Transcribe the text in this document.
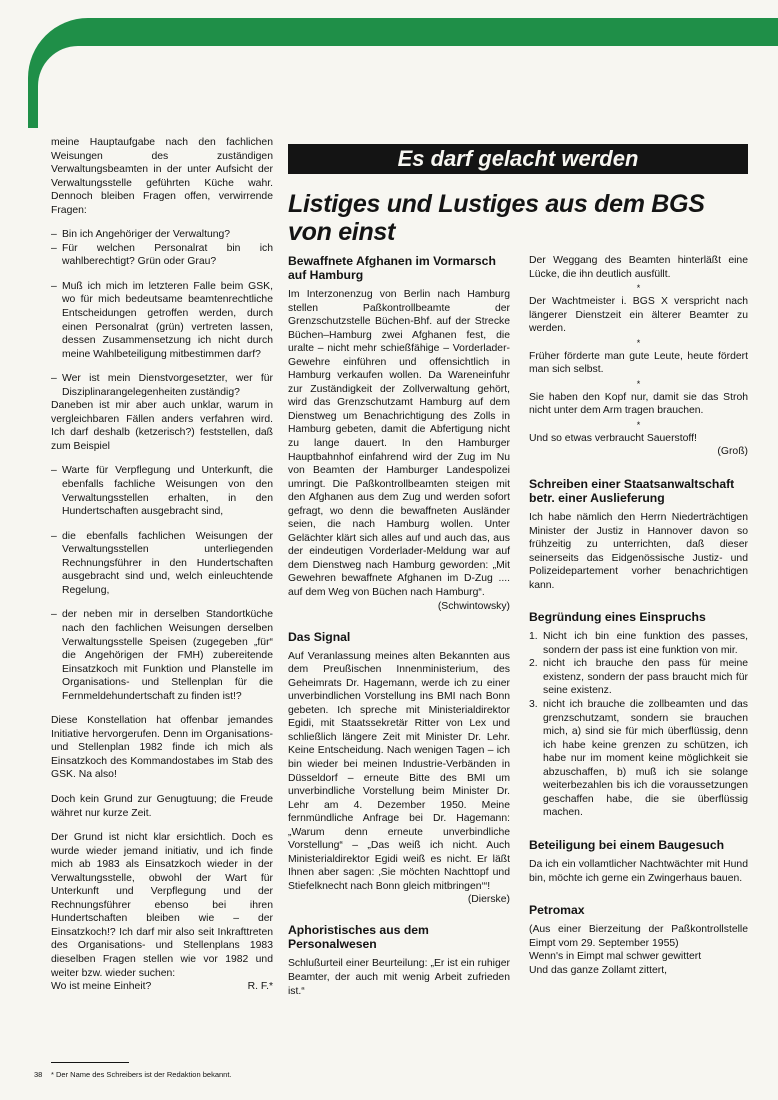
meine Hauptaufgabe nach den fachlichen Weisungen des zuständigen Verwaltungsbeamten in der unter Aufsicht der Verwaltungsstelle geführten Küche wahr. Dennoch bleiben Fragen offen, verwirrende Fragen:

– Bin ich Angehöriger der Verwaltung?
– Für welchen Personalrat bin ich wahlberechtigt? Grün oder Grau?
– Muß ich mich im letzteren Falle beim GSK, wo für mich bedeutsame beamtenrechtliche Entscheidungen getroffen werden, durch einen Personalrat (grün) vertreten lassen, dessen Zusammensetzung ich nicht durch meine Wahlbeteiligung mitbestimmen darf?
– Wer ist mein Dienstvorgesetzter, wer für Disziplinarangelegenheiten zuständig?

Daneben ist mir aber auch unklar, warum in vergleichbaren Fällen anders verfahren wird. Ich darf deshalb (ketzerisch?) feststellen, daß zum Beispiel

– Warte für Verpflegung und Unterkunft, die ebenfalls fachliche Weisungen von den Verwaltungsstellen erhalten, in den Hundertschaften ausgebracht sind,
– die ebenfalls fachlichen Weisungen der Verwaltungsstellen unterliegenden Rechnungsführer in den Hundertschaften ausgebracht sind und, welch einleuchtende Regelung,
– der neben mir in derselben Standortküche nach den fachlichen Weisungen derselben Verwaltungsstelle Speisen (zugegeben „für“ die Angehörigen der FMH) zubereitende Einsatzkoch mit Funktion und Planstelle im Organisations- und Stellenplan für die Fernmeldehundertschaft zu finden ist!?

Diese Konstellation hat offenbar jemandes Initiative hervorgerufen. Denn im Organisations- und Stellenplan 1982 finde ich mich als Einsatzkoch des Kommandostabes im Stab des GSK. Na also!

Doch kein Grund zur Genugtuung; die Freude währet nur kurze Zeit.

Der Grund ist nicht klar ersichtlich. Doch es wurde wieder jemand initiativ, und ich finde mich ab 1983 als Einsatzkoch wieder in der Verwaltungsstelle, obwohl der Wart für Unterkunft und Verpflegung und der Rechnungsführer ebenso bei ihren Hundertschaften bleiben wie – der Einsatzkoch!? Ich darf mir also seit Inkrafttreten des Organisations- und Stellenplans 1983 dieselben Fragen stellen wie vor 1982 und weiter bzw. wieder suchen:

Wo ist meine Einheit?	R. F.*

Es darf gelacht werden
Listiges und Lustiges aus dem BGS von einst
Bewaffnete Afghanen im Vormarsch auf Hamburg

Im Interzonenzug von Berlin nach Hamburg stellen Paßkontrollbeamte der Grenzschutzstelle Büchen-Bhf. auf der Strecke Büchen–Hamburg zwei Afghanen fest, die uralte – nicht mehr schießfähige – Vorderlader-Gewehre einführen und offensichtlich in Hamburg verkaufen wollen. Da Wareneinfuhr zur Zuständigkeit der Zollverwaltung gehört, wird das Grenzschutzamt Hamburg auf dem Dienstweg um Benachrichtigung des Zolls in Hamburg gebeten, damit die Abfertigung nicht zu lange dauert. In den Hamburger Hauptbahnhof einfahrend wird der Zug im Nu von Beamten der Hamburger Landespolizei umringt. Die Paßkontrollbeamten steigen mit den Afghanen aus dem Zug und werden sofort gefragt, wo denn die bewaffneten Ausländer seien, die nach Hamburg wollen. Unter Gelächter klärt sich alles auf und auch das, aus der eindeutigen Vorderlader-Meldung war auf dem Dienstweg nach Hamburg geworden: „Mit Gewehren bewaffnete Afghanen im D-Zug .... auf dem Weg von Büchen nach Hamburg“.
(Schwintowsky)

Das Signal

Auf Veranlassung meines alten Bekannten aus dem Preußischen Innenministerium, des Geheimrats Dr. Hagemann, werde ich zu einer unverbindlichen Vorstellung ins BMI nach Bonn gebeten. Ich spreche mit Ministerialdirektor Egidi, mit Staatssekretär Ritter von Lex und schließlich längere Zeit mit Minister Dr. Lehr. Keine Entscheidung. Nach wenigen Tagen – ich bin wieder bei meinen Industrie-Verbänden in Düsseldorf – erneute Bitte des BMI um unverbindliche Vorstellung beim Minister Dr. Lehr am 4. Dezember 1950. Meine fernmündliche Anfrage bei Dr. Hagemann: „Warum denn erneute unverbindliche Vorstellung“ – „Das weiß ich nicht. Auch Ministerialdirektor Egidi weiß es nicht. Er läßt Ihnen aber sagen: ‚Sie möchten Nachttopf und Stiefelknecht nach Bonn gleich mitbringen‘“!
(Dierske)

Aphoristisches aus dem Personalwesen

Schlußurteil einer Beurteilung: „Er ist ein ruhiger Beamter, der auch mit wenig Arbeit zufrieden ist.“

Der Weggang des Beamten hinterläßt eine Lücke, die ihn deutlich ausfüllt.

*

Der Wachtmeister i. BGS X verspricht nach längerer Dienstzeit ein älterer Beamter zu werden.

*

Früher förderte man gute Leute, heute fördert man sich selbst.

*

Sie haben den Kopf nur, damit sie das Stroh nicht unter dem Arm tragen brauchen.

*

Und so etwas verbraucht Sauerstoff!

(Groß)
Schreiben einer Staatsanwaltschaft betr. einer Auslieferung

Ich habe nämlich den Herrn Niederträchtigen Minister der Justiz in Hannover davon so frühzeitig zu unterrichten, daß dieser seinerseits das Eidgenössische Justiz- und Polizeidepartement vorher benachrichtigen kann.

Begründung eines Einspruchs
1. Nicht ich bin eine funktion des passes, sondern der pass ist eine funktion von mir.
2. nicht ich brauche den pass für meine existenz, sondern der pass braucht mich für seine existenz.
3. nicht ich brauche die zollbeamten und das grenzschutzamt, sondern sie brauchen mich, a) sind sie für mich überflüssig, denn ich habe keine grenzen zu schützen, ich habe nur im moment keine möglichkeit sie abzuschaffen, b) muß ich sie solange weiterbezahlen bis ich die voraussetzungen geschaffen habe, die sie überflüssig machen.
Beteiligung bei einem Baugesuch

Da ich ein vollamtlicher Nachtwächter mit Hund bin, möchte ich gerne ein Zwingerhaus bauen.

Petromax

(Aus einer Bierzeitung der Paßkontrollstelle Eimpt vom 29. September 1955)

Wenn's in Eimpt mal schwer gewittert

Und das ganze Zollamt zittert,

38 * Der Name des Schreibers ist der Redaktion bekannt.
